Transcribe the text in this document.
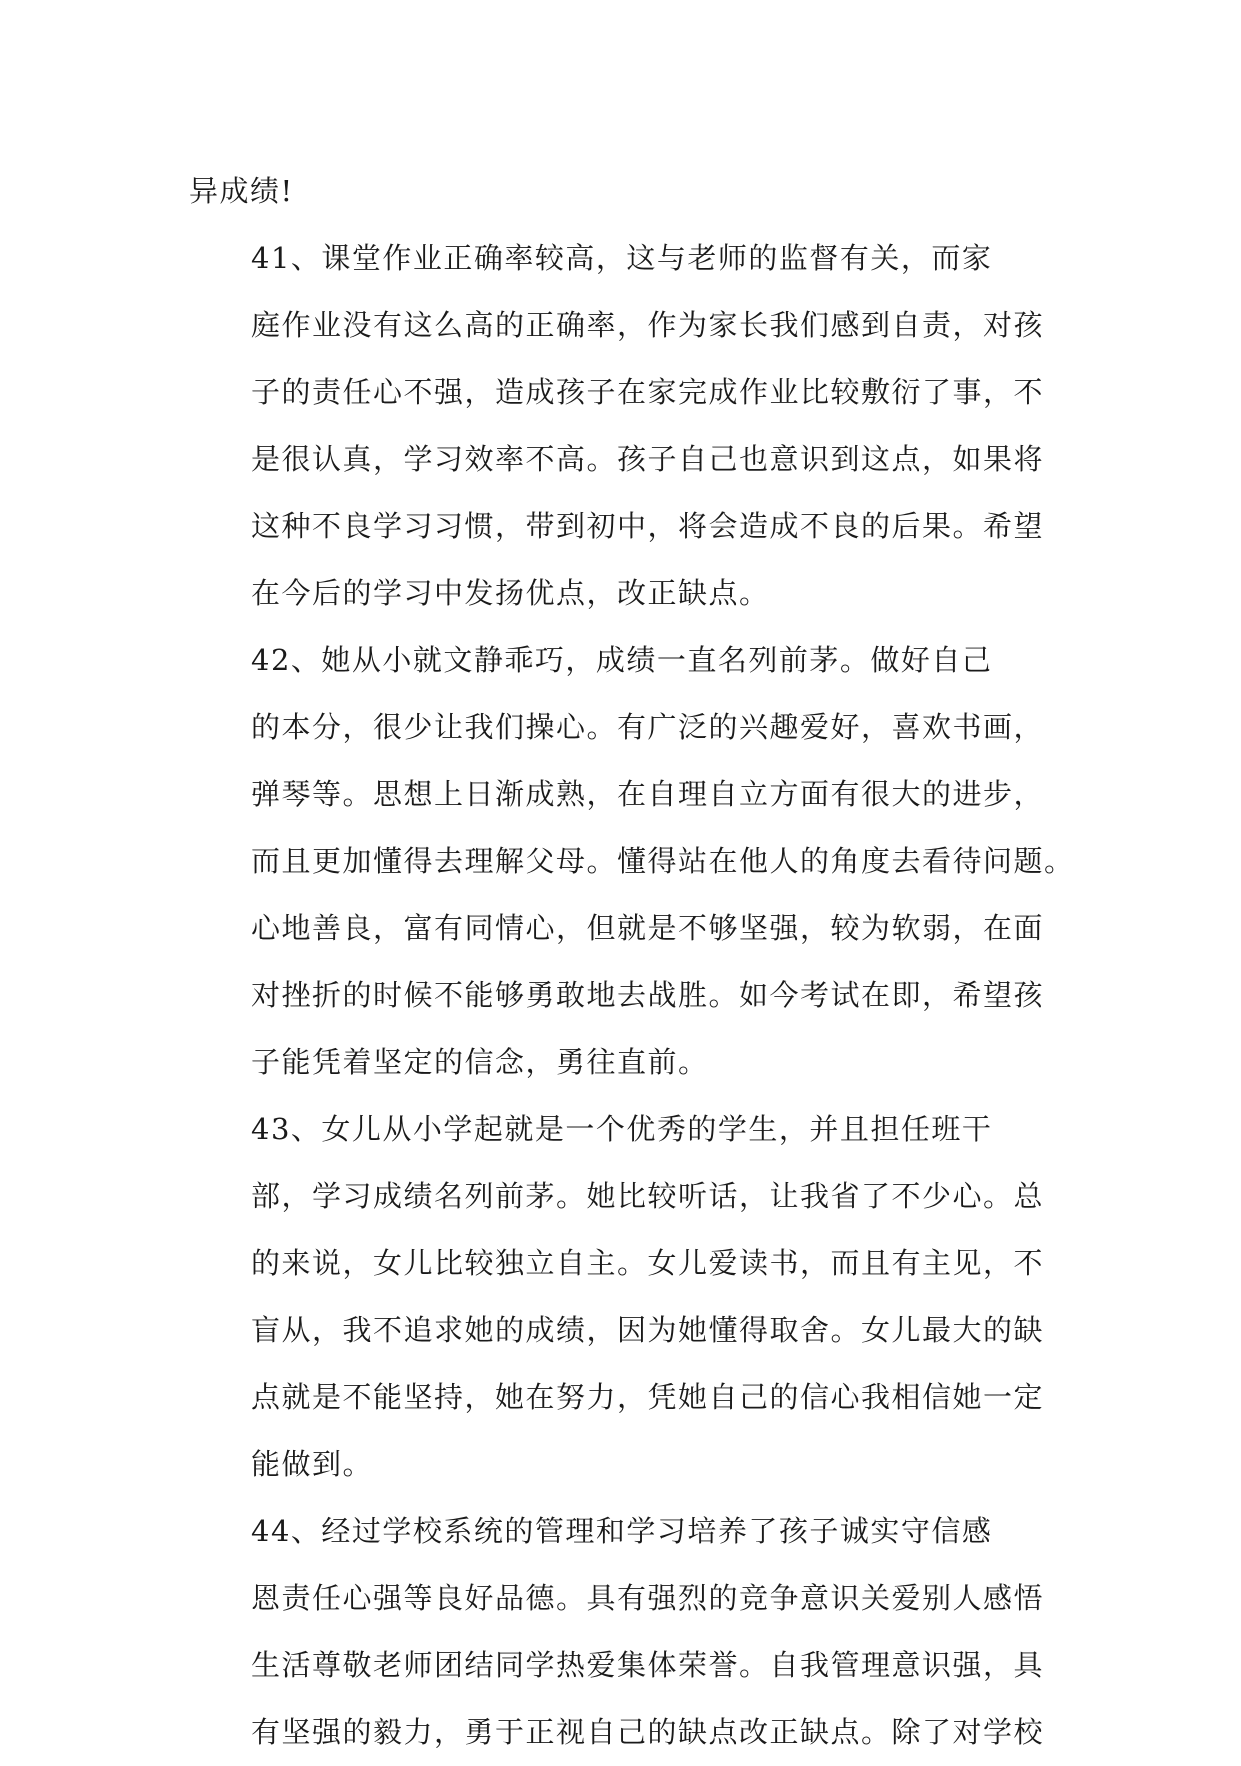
异成绩!

41、课堂作业正确率较高，这与老师的监督有关，而家
庭作业没有这么高的正确率，作为家长我们感到自责，对孩
子的责任心不强，造成孩子在家完成作业比较敷衍了事，不
是很认真，学习效率不高。孩子自己也意识到这点，如果将
这种不良学习习惯，带到初中，将会造成不良的后果。希望
在今后的学习中发扬优点，改正缺点。

42、她从小就文静乖巧，成绩一直名列前茅。做好自己
的本分，很少让我们操心。有广泛的兴趣爱好，喜欢书画，
弹琴等。思想上日渐成熟，在自理自立方面有很大的进步，
而且更加懂得去理解父母。懂得站在他人的角度去看待问题。
心地善良，富有同情心，但就是不够坚强，较为软弱，在面
对挫折的时候不能够勇敢地去战胜。如今考试在即，希望孩
子能凭着坚定的信念，勇往直前。

43、女儿从小学起就是一个优秀的学生，并且担任班干
部，学习成绩名列前茅。她比较听话，让我省了不少心。总
的来说，女儿比较独立自主。女儿爱读书，而且有主见，不
盲从，我不追求她的成绩，因为她懂得取舍。女儿最大的缺
点就是不能坚持，她在努力，凭她自己的信心我相信她一定
能做到。

44、经过学校系统的管理和学习培养了孩子诚实守信感
恩责任心强等良好品德。具有强烈的竞争意识关爱别人感悟
生活尊敬老师团结同学热爱集体荣誉。自我管理意识强，具
有坚强的毅力，勇于正视自己的缺点改正缺点。除了对学校
